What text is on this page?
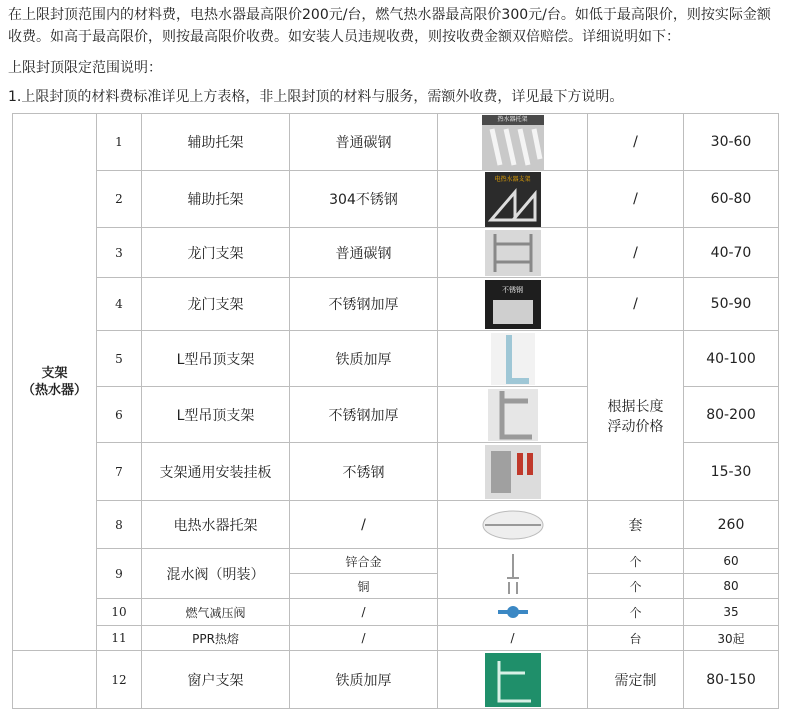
在上限封顶范围内的材料费，电热水器最高限价200元/台，燃气热水器最高限价300元/台。如低于最高限价，则按实际金额收费。如高于最高限价，则按最高限价收费。如安装人员违规收费，则按收费金额双倍赔偿。详细说明如下：
上限封顶限定范围说明：
1.上限封顶的材料费标准详见上方表格，非上限封顶的材料与服务，需额外收费，详见最下方说明。
支架
（热水器）	1	辅助托架	普通碳钢	热水器托架	/	30-60
	2	辅助托架	304不锈钢	电热水器支架	/	60-80
	3	龙门支架	普通碳钢		/	40-70
	4	龙门支架	不锈钢加厚	不锈钢	/	50-90
	5	L型吊顶支架	铁质加厚		根据长度浮动价格	40-100
	6	L型吊顶支架	不锈钢加厚			80-200
	7	支架通用安装挂板	不锈钢			15-30
	8	电热水器托架	/		套	260
	9	混水阀（明装）	锌合金		个	60
			铜		个	80
	10	燃气减压阀	/		个	35
	11	PPR热熔	/	/	台	30起
	12	窗户支架	铁质加厚		需定制	80-150
